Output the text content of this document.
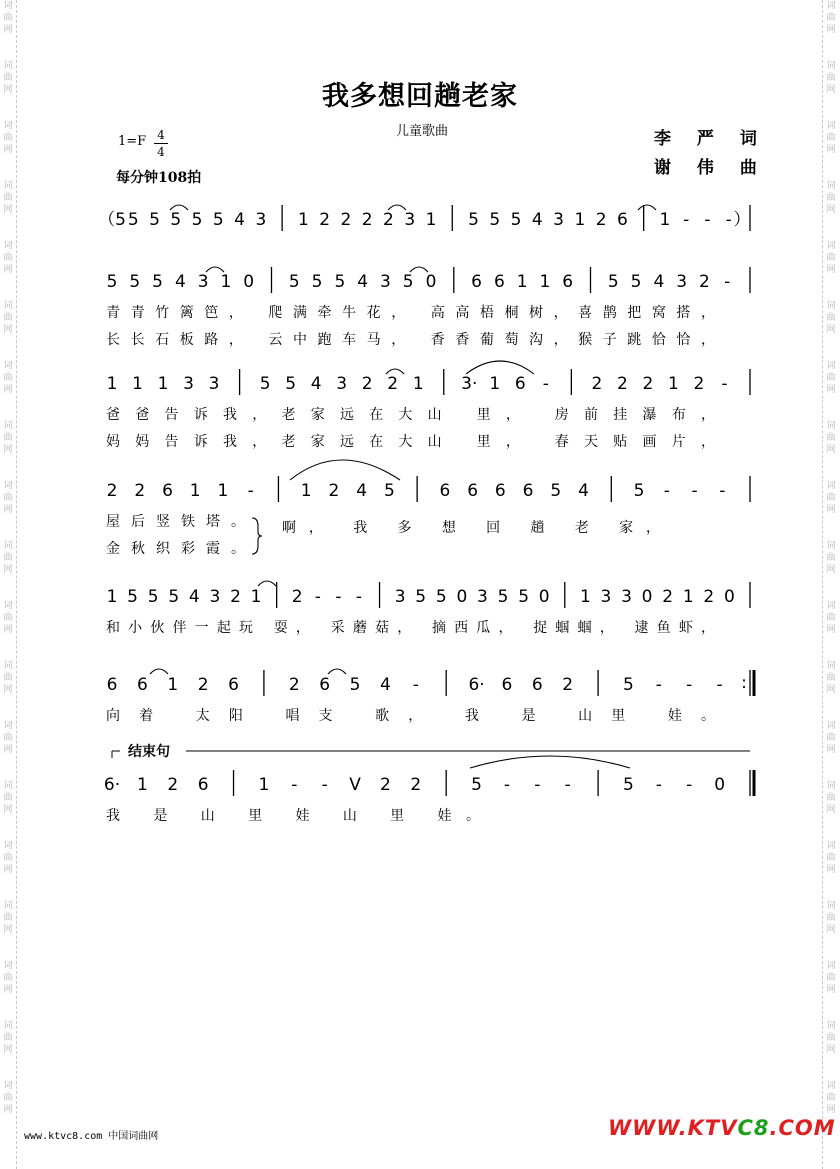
词
曲
网
词
曲
网
词
曲
网
词
曲
网
词
曲
网
词
曲
网
词
曲
网
词
曲
网
词
曲
网
词
曲
网
词
曲
网
词
曲
网
词
曲
网
词
曲
网
词
曲
网
词
曲
网
词
曲
网
词
曲
网
词
曲
网
词
曲
网
词
曲
网
词
曲
网
词
曲
网
词
曲
网
词
曲
网
词
曲
网
词
曲
网
词
曲
网
词
曲
网
词
曲
网
词
曲
网
词
曲
网
词
曲
网
词
曲
网
词
曲
网
词
曲
网
词
曲
网
词
曲
网
我多想回趟老家
儿童歌曲
1=F 4
4
每分钟108拍
李 严 词
谢 伟 曲
（5 5 5 5 5 5 4 3 1 2 2 2 2 3 1 5 5 5 4 3 1 2 6 1 - - - ）
5 5 5 4 3 1 0 5 5 5 4 3 5 0 6 6 1 1 6 5 5 4 3 2 -
青青竹篱笆， 爬满牵牛花， 高高梧桐树，喜鹊把窝搭，
长长石板路， 云中跑车马， 香香葡萄沟，猴子跳恰恰，
1 1 1 3 3 5 5 4 3 2 2 1 3· 1 6 -	2 2 2 1 2 -
爸爸告诉我，老家远在大山 里， 房前挂瀑布，
妈妈告诉我，老家远在大山 里， 春天贴画片，
2 2 6 1 1 -	1 2 4 5	6 6 6 6 5 4	5 - - -
屋后竖铁塔。
金秋织彩霞。
啊， 我 多 想 回 趟 老 家，
1 5 5 5 4 3 2 1 2 - - - 3 5 5 0 3 5 5 0 1 3 3 0 2 1 2 0
和小伙伴一起玩 耍， 采蘑菇， 摘西瓜， 捉蝈蝈， 逮鱼虾，
6 6 1 2 6	2 6 5 4 -	6· 6 6 2	5 - - - :
向着 太阳 唱支 歌， 我 是 山里 娃。
结束句
6· 1 2 6	1 - - V 2 2	5 - - -	5 - - 0
我 是 山 里 娃 山 里 娃。
www.ktvc8.com 中国词曲网	WWW.KTVC8.COM
